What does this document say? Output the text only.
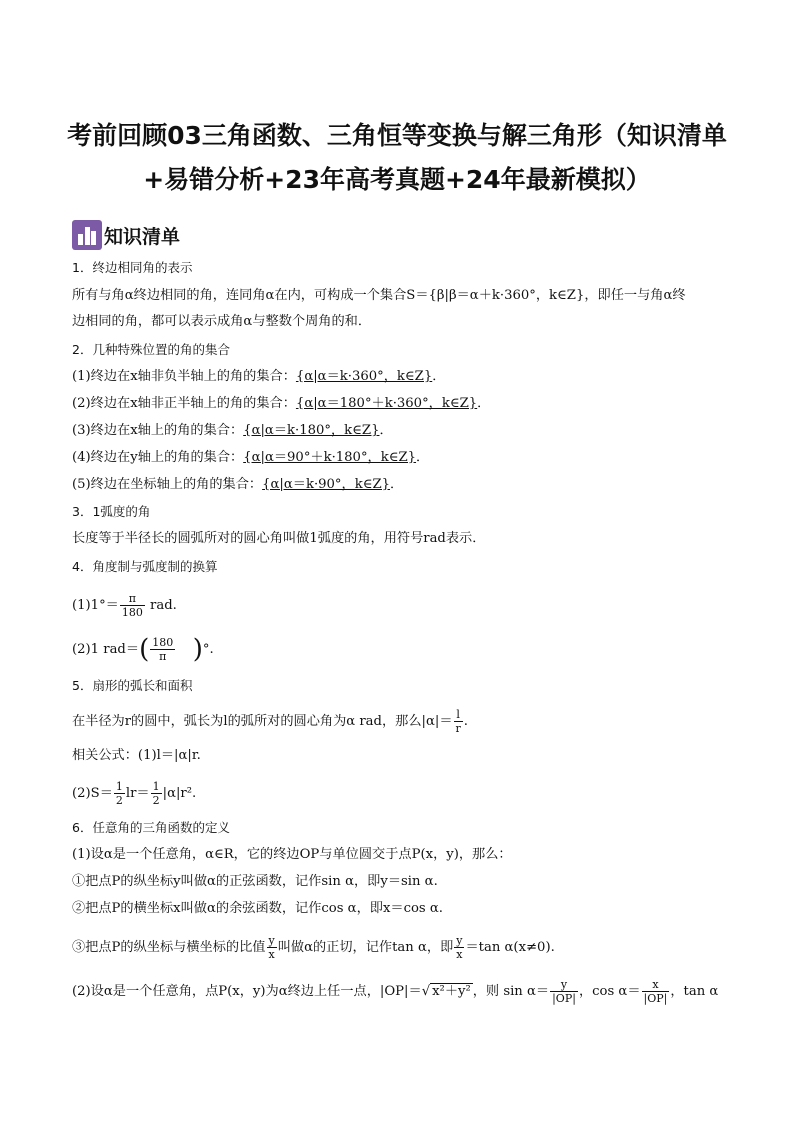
考前回顾03三角函数、三角恒等变换与解三角形（知识清单
+易错分析+23年高考真题+24年最新模拟）
知识清单
1．终边相同角的表示
所有与角α终边相同的角，连同角α在内，可构成一个集合S＝{β|β＝α＋k·360°，k∈Z}，即任一与角α终
边相同的角，都可以表示成角α与整数个周角的和．
2．几种特殊位置的角的集合
(1)终边在x轴非负半轴上的角的集合：{α|α＝k·360°，k∈Z}．
(2)终边在x轴非正半轴上的角的集合：{α|α＝180°＋k·360°，k∈Z}．
(3)终边在x轴上的角的集合：{α|α＝k·180°，k∈Z}．
(4)终边在y轴上的角的集合：{α|α＝90°＋k·180°，k∈Z}．
(5)终边在坐标轴上的角的集合：{α|α＝k·90°，k∈Z}．
3．1弧度的角
长度等于半径长的圆弧所对的圆心角叫做1弧度的角，用符号rad表示．
4．角度制与弧度制的换算
$(1)1^\circ= \frac{\pi}{180}$ rad.
(2)1 $rad=( \frac{180}{\pi}$ )°.
5．扇形的弧长和面积
在半径为r的圆中，弧长为l的弧所对的圆心角为α rad，那么$|\alpha|= \frac{l}{r}$ .
相关公式：(1)l＝|α|r.
$(2)S= \frac{1}{2} lr= \frac{1}{2} |\alpha|r^2$.
6．任意角的三角函数的定义
(1)设α是一个任意角，α∈R，它的终边OP与单位圆交于点P(x，y)，那么：
①把点P的纵坐标y叫做α的正弦函数，记作sin α，即y＝sin α.
②把点P的横坐标x叫做α的余弦函数，记作cos α，即x＝cos α.
③把点P的纵坐标与横坐标的比值 $\frac{y}{x}$ 叫做α的正切，记作tan α，即 $\frac{y}{x} =\tan$ α(x≠0).
(2)设α是一个任意角，点P(x，y)为α终边上任一点，|OP|＝√ x²＋y² ，则 $\sin \alpha= \frac{y}{|OP|}$ ，$\cos \alpha= \frac{x}{|OP|}$ ，tan α
